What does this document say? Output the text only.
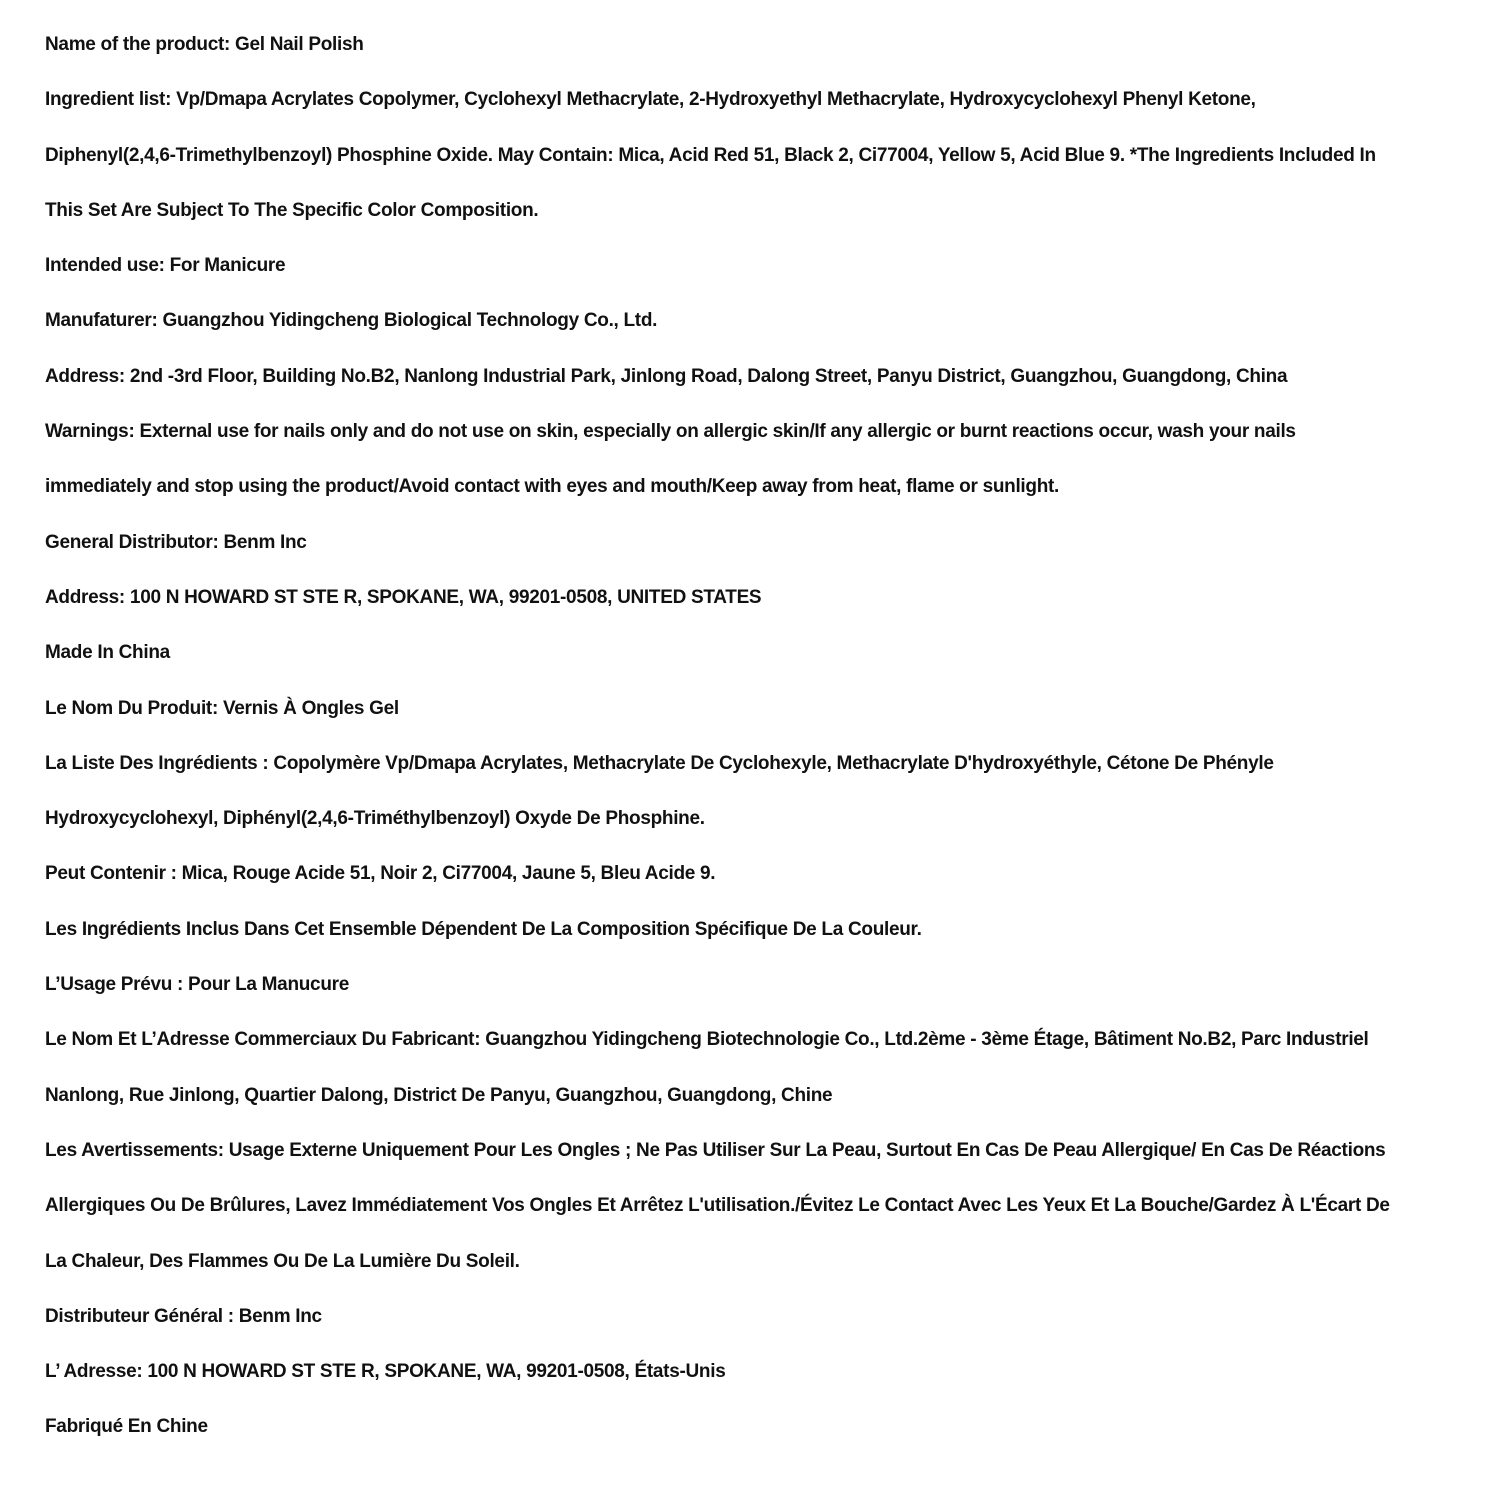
Name of the product: Gel Nail Polish
Ingredient list: Vp/Dmapa Acrylates Copolymer, Cyclohexyl Methacrylate, 2-Hydroxyethyl Methacrylate, Hydroxycyclohexyl Phenyl Ketone,
Diphenyl(2,4,6-Trimethylbenzoyl) Phosphine Oxide. May Contain: Mica, Acid Red 51, Black 2, Ci77004, Yellow 5, Acid Blue 9. *The Ingredients Included In
This Set Are Subject To The Specific Color Composition.
Intended use: For Manicure
Manufaturer: Guangzhou Yidingcheng Biological Technology Co., Ltd.
Address: 2nd -3rd Floor, Building No.B2, Nanlong Industrial Park, Jinlong Road, Dalong Street, Panyu District, Guangzhou, Guangdong, China
Warnings: External use for nails only and do not use on skin, especially on allergic skin/If any allergic or burnt reactions occur, wash your nails
immediately and stop using the product/Avoid contact with eyes and mouth/Keep away from heat, flame or sunlight.
General Distributor: Benm Inc
Address: 100 N HOWARD ST STE R, SPOKANE, WA, 99201-0508, UNITED STATES
Made In China
Le Nom Du Produit: Vernis À Ongles Gel
La Liste Des Ingrédients : Copolymère Vp/Dmapa Acrylates, Methacrylate De Cyclohexyle, Methacrylate D'hydroxyéthyle, Cétone De Phényle
Hydroxycyclohexyl, Diphényl(2,4,6-Triméthylbenzoyl) Oxyde De Phosphine.
Peut Contenir : Mica, Rouge Acide 51, Noir 2, Ci77004, Jaune 5, Bleu Acide 9.
Les Ingrédients Inclus Dans Cet Ensemble Dépendent De La Composition Spécifique De La Couleur.
L’Usage Prévu : Pour La Manucure
Le Nom Et L’Adresse Commerciaux Du Fabricant: Guangzhou Yidingcheng Biotechnologie Co., Ltd.2ème - 3ème Étage, Bâtiment No.B2, Parc Industriel
Nanlong, Rue Jinlong, Quartier Dalong, District De Panyu, Guangzhou, Guangdong, Chine
Les Avertissements: Usage Externe Uniquement Pour Les Ongles ; Ne Pas Utiliser Sur La Peau, Surtout En Cas De Peau Allergique/ En Cas De Réactions
Allergiques Ou De Brûlures, Lavez Immédiatement Vos Ongles Et Arrêtez L'utilisation./Évitez Le Contact Avec Les Yeux Et La Bouche/Gardez À L'Écart De
La Chaleur, Des Flammes Ou De La Lumière Du Soleil.
Distributeur Général : Benm Inc
L’ Adresse: 100 N HOWARD ST STE R, SPOKANE, WA, 99201-0508, États-Unis
Fabriqué En Chine
